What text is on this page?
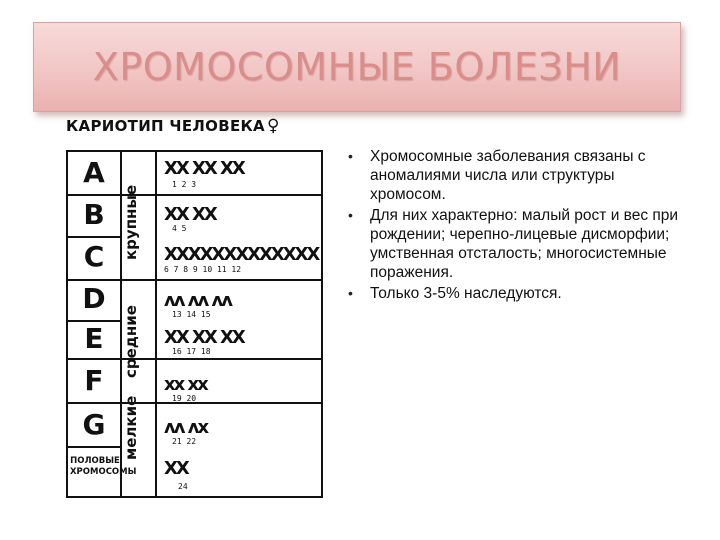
ХРОМОСОМНЫЕ БОЛЕЗНИ
КАРИОТИП ЧЕЛОВЕКА ♀
A
B
C
D
E
F
G
ПОЛОВЫЕ ХРОМОСОМЫ
крупные
средние
мелкие
XX XX XX
1 2 3
XX XX
4 5
XXXXXXXXXXXXX
6 7 8 9 10 11 12
ʌʌ ʌʌ ʌʌ
13 14 15
XX XX XX
16 17 18
xx xx
19 20
ʌʌ ʌx
21 22
XX
24
• Хромосомные заболевания связаны с аномалиями числа или структуры хромосом.
• Для них характерно: малый рост и вес при рождении; черепно-лицевые дисморфии; умственная отсталость; многосистемные поражения.
• Только 3-5% наследуются.
